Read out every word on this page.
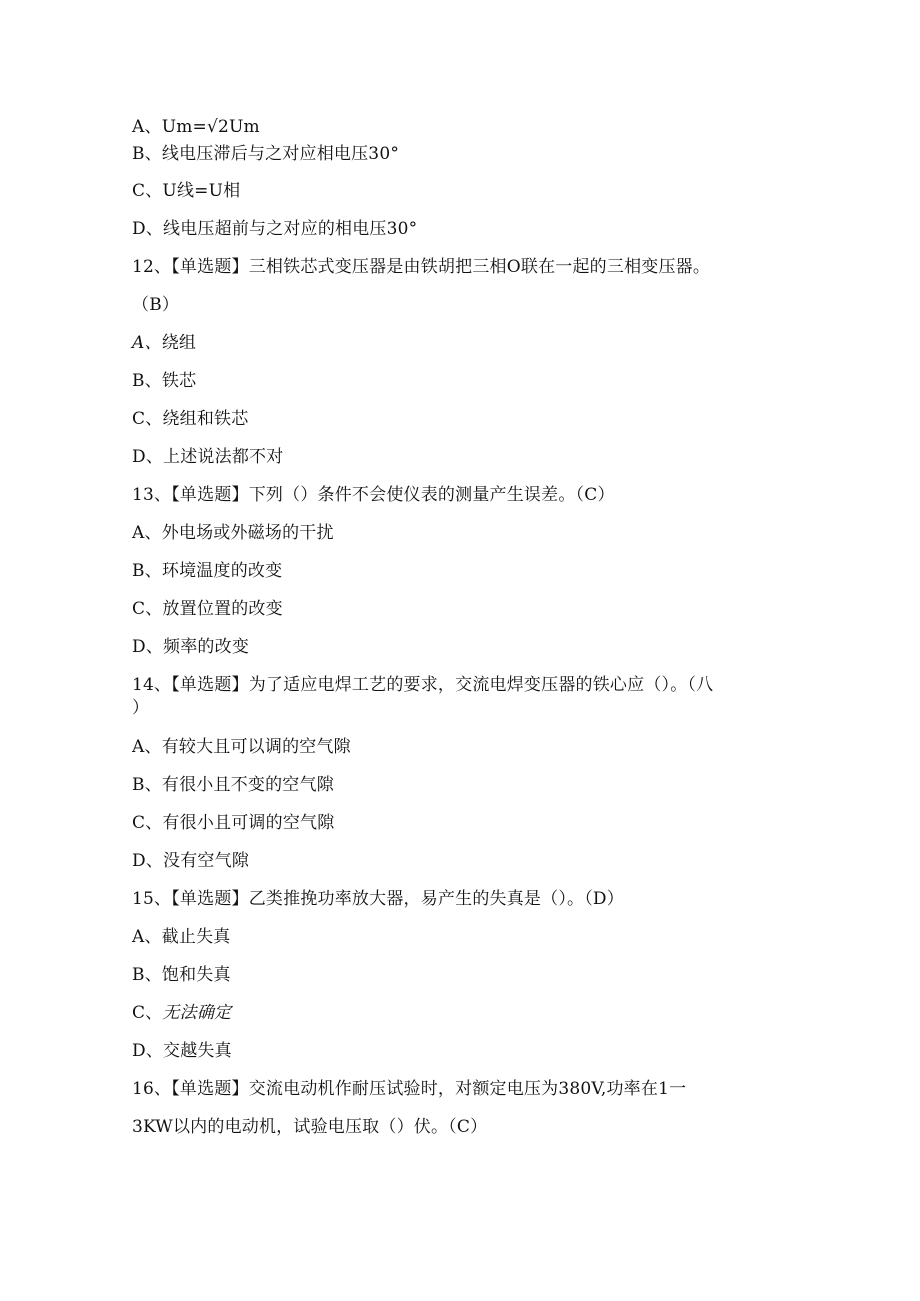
A、Um=√2Um
B、线电压滞后与之对应相电压30°
C、U线=U相
D、线电压超前与之对应的相电压30°
12、【单选题】三相铁芯式变压器是由铁胡把三相O联在一起的三相变压器。
（B）
A、绕组
B、铁芯
C、绕组和铁芯
D、上述说法都不对
13、【单选题】下列（）条件不会使仪表的测量产生误差。（C）
A、外电场或外磁场的干扰
B、环境温度的改变
C、放置位置的改变
D、频率的改变
14、【单选题】为了适应电焊工艺的要求，交流电焊变压器的铁心应（）。（八
）
A、有较大且可以调的空气隙
B、有很小且不变的空气隙
C、有很小且可调的空气隙
D、没有空气隙
15、【单选题】乙类推挽功率放大器，易产生的失真是（）。（D）
A、截止失真
B、饱和失真
C、无法确定
D、交越失真
16、【单选题】交流电动机作耐压试验时，对额定电压为380V,功率在1一
3KW以内的电动机，试验电压取（）伏。（C）
